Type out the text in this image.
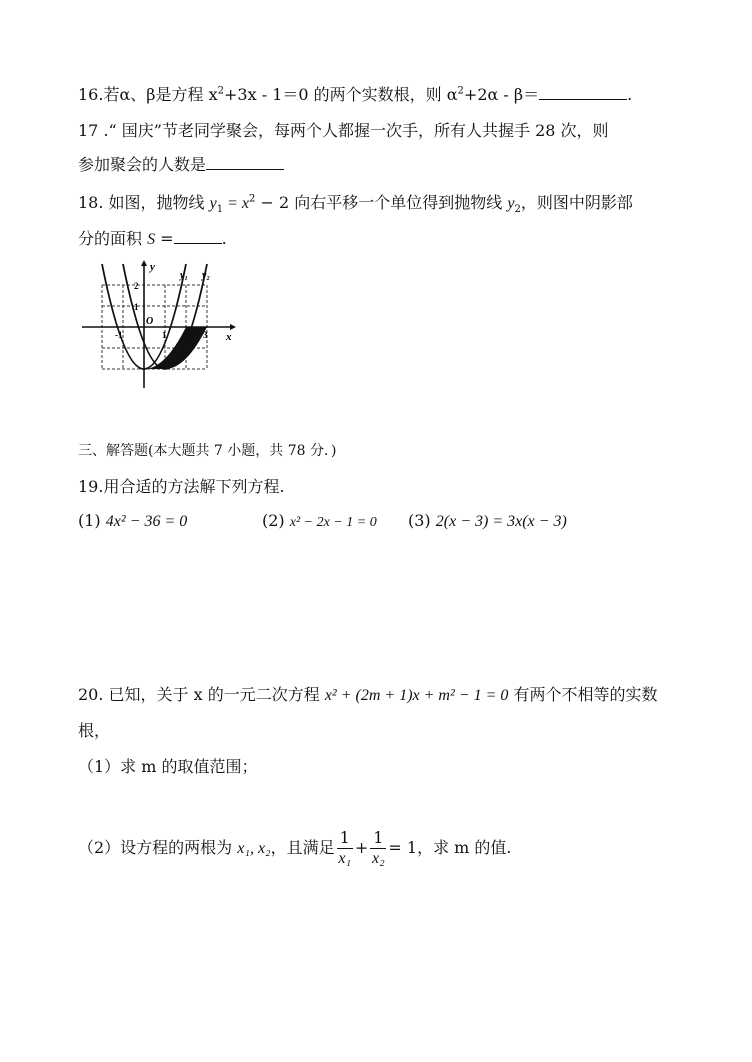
16.若α、β是方程 $x^2+3x - 1=0$ 的两个实数根，则 $\alpha^2+2\alpha - \beta=$	.
17 .“ 国庆”节老同学聚会，每两个人都握一次手，所有人共握手 28 次，则
参加聚会的人数是
18. 如图，抛物线 $y_1 = x^2 - 2$ 向右平移一个单位得到抛物线 $y_2$，则图中阴影部
分的面积 S =	.
y
x
O
y₁ y₂
2
1
-1	1	3
三、解答题(本大题共 7 小题，共 78 分．)
19.用合适的方法解下列方程.
(1) 4x² − 36 = 0	(2) x² − 2x − 1 = 0 (3) 2(x − 3) = 3x(x − 3)
20. 已知，关于 x 的一元二次方程 x² + (2m + 1)x + m² − 1 = 0 有两个不相等的实数
根，
（1）求 m 的取值范围；
（2）设方程的两根为 x₁, x₂，且满足 $\frac{1}{\text{x₁}} + \frac{1}{\text{x₂}} = 1$，求 m 的值.
